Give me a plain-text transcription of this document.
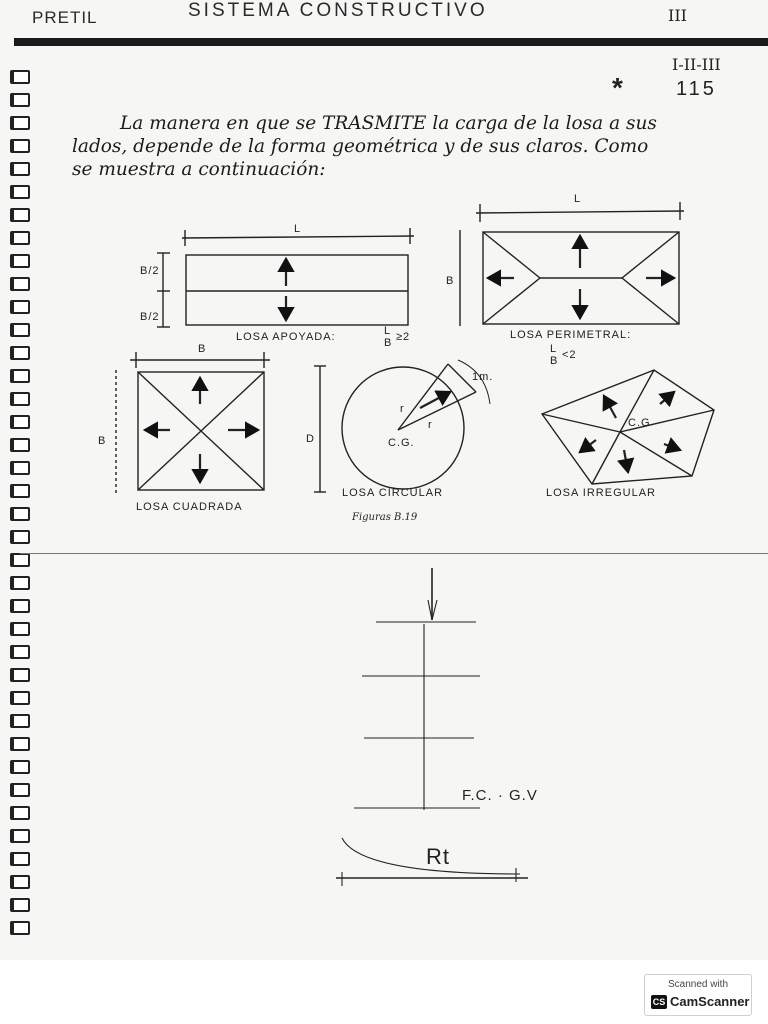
PRETIL	SISTEMA CONSTRUCTIVO	III
I-II-III
*	115
La manera en que se TRASMITE la carga de la losa a sus
lados, depende de la forma geométrica y de sus claros. Como
se muestra a continuación:
L
B/2
B/2
LOSA APOYADA:	L
B ≥2
L
B
LOSA PERIMETRAL:
L
B <2
B
B
LOSA CUADRADA
D
r
r
C.G.
1m.
LOSA CIRCULAR
C.G
LOSA IRREGULAR
F.C. · G.V
Rt
Figuras B.19
Scanned with
CS CamScanner
